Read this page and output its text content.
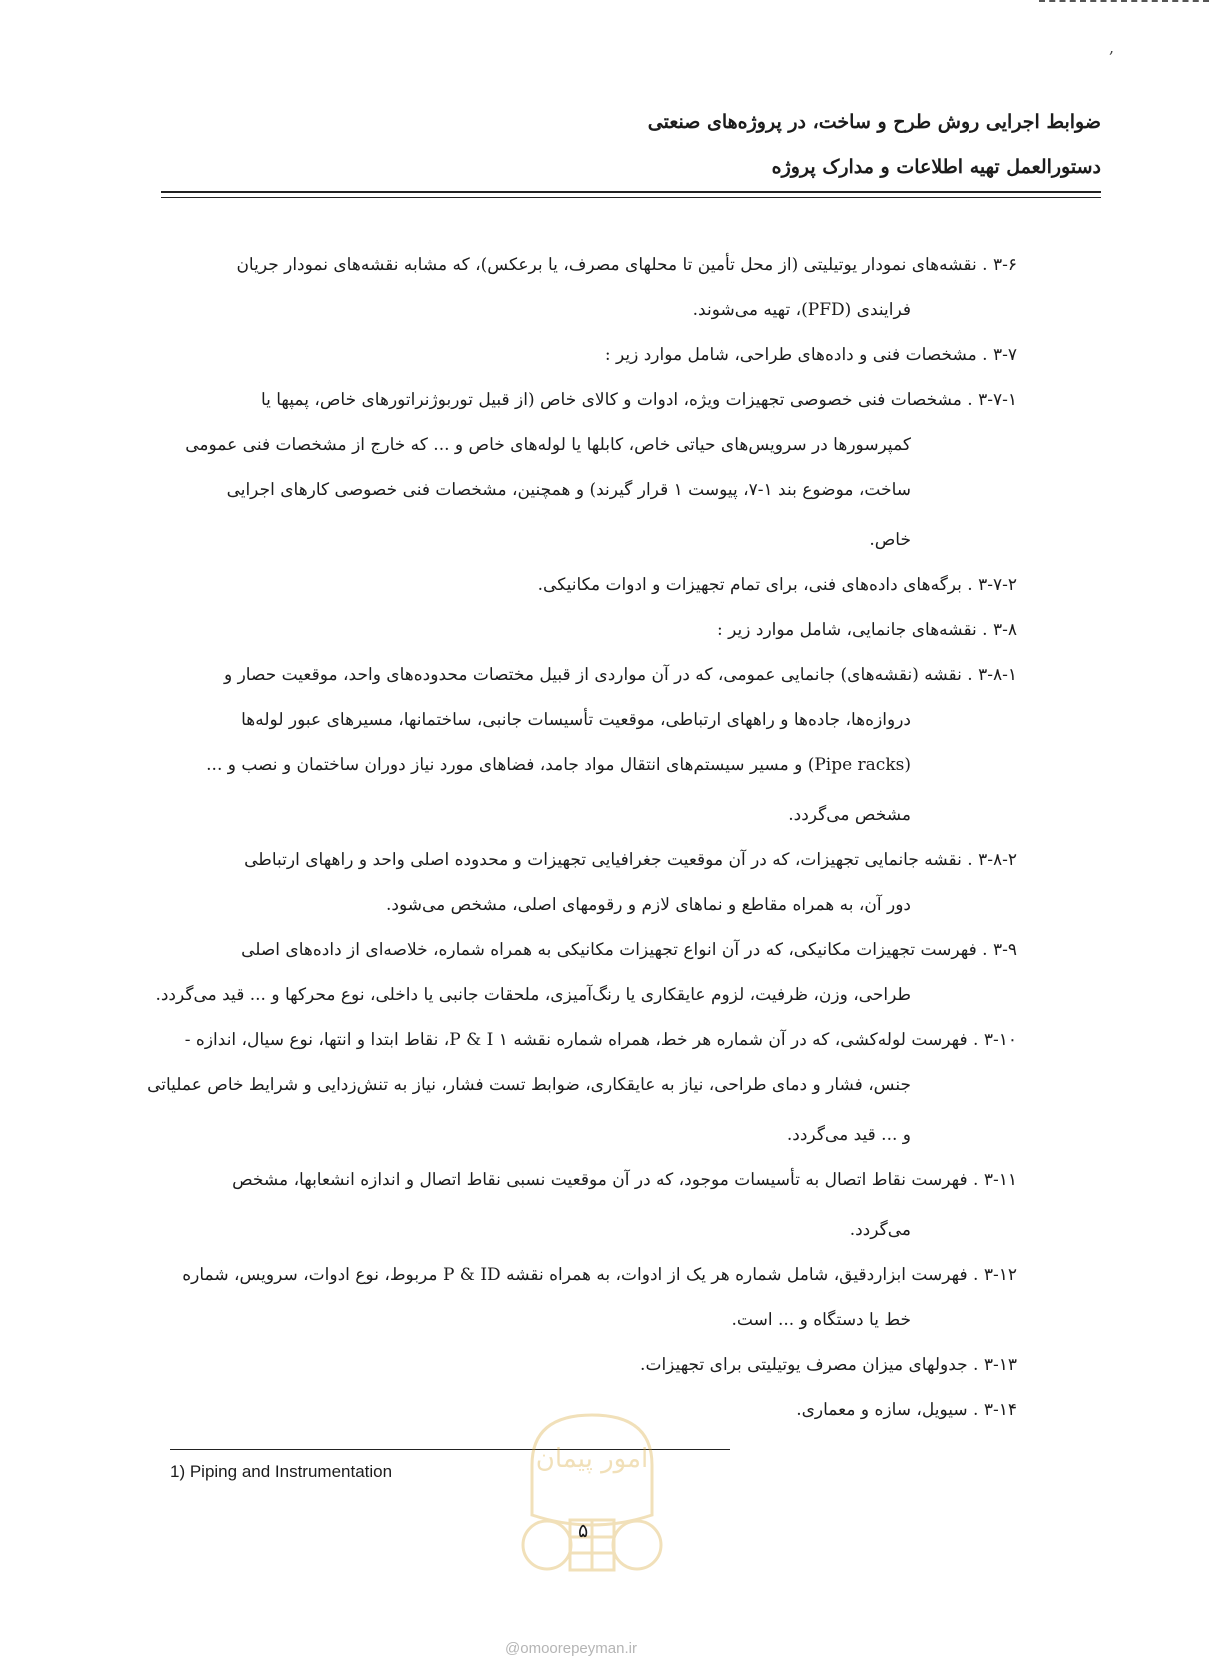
‚
ضوابط اجرایی روش طرح و ساخت، در پروژه‌های صنعتی
دستورالعمل تهیه اطلاعات و مدارک پروژه
۳-۶ . نقشه‌های نمودار یوتیلیتی (از محل تأمین تا محلهای مصرف، یا برعکس)، که مشابه نقشه‌های نمودار جریان
فرایندی (PFD)، تهیه می‌شوند.
۳-۷ . مشخصات فنی و داده‌های طراحی، شامل موارد زیر :
۳-۷-۱ . مشخصات فنی خصوصی تجهیزات ویژه، ادوات و کالای خاص (از قبیل توربوژنراتورهای خاص، پمپها یا
کمپرسورها در سرویس‌های حیاتی خاص، کابلها یا لوله‌های خاص و ... که خارج از مشخصات فنی عمومی
ساخت، موضوع بند ۱-۷، پیوست ۱ قرار گیرند) و همچنین، مشخصات فنی خصوصی کارهای اجرایی
خاص.
۳-۷-۲ . برگه‌های داده‌های فنی، برای تمام تجهیزات و ادوات مکانیکی.
۳-۸ . نقشه‌های جانمایی، شامل موارد زیر :
۳-۸-۱ . نقشه (نقشه‌های) جانمایی عمومی، که در آن مواردی از قبیل مختصات محدوده‌های واحد، موقعیت حصار و
دروازه‌ها، جاده‌ها و راههای ارتباطی، موقعیت تأسیسات جانبی، ساختمانها، مسیرهای عبور لوله‌ها
(Pipe racks) و مسیر سیستم‌های انتقال مواد جامد، فضاهای مورد نیاز دوران ساختمان و نصب و ...
مشخص می‌گردد.
۳-۸-۲ . نقشه جانمایی تجهیزات، که در آن موقعیت جغرافیایی تجهیزات و محدوده اصلی واحد و راههای ارتباطی
دور آن، به همراه مقاطع و نماهای لازم و رقومهای اصلی، مشخص می‌شود.
۳-۹ . فهرست تجهیزات مکانیکی، که در آن انواع تجهیزات مکانیکی به همراه شماره، خلاصه‌ای از داده‌های اصلی
طراحی، وزن، ظرفیت، لزوم عایقکاری یا رنگ‌آمیزی، ملحقات جانبی یا داخلی، نوع محرکها و ... قید می‌گردد.
۳-۱۰ . فهرست لوله‌کشی، که در آن شماره هر خط، همراه شماره نقشه P & I ۱، نقاط ابتدا و انتها، نوع سیال، اندازه -
جنس، فشار و دمای طراحی، نیاز به عایقکاری، ضوابط تست فشار، نیاز به تنش‌زدایی و شرایط خاص عملیاتی
و ... قید می‌گردد.
۳-۱۱ . فهرست نقاط اتصال به تأسیسات موجود، که در آن موقعیت نسبی نقاط اتصال و اندازه انشعابها، مشخص
می‌گردد.
۳-۱۲ . فهرست ابزاردقیق، شامل شماره هر یک از ادوات، به همراه نقشه P & ID مربوط، نوع ادوات، سرویس، شماره
خط یا دستگاه و ... است.
۳-۱۳ . جدولهای میزان مصرف یوتیلیتی برای تجهیزات.
۳-۱۴ . سیویل، سازه و معماری.
1) Piping and Instrumentation	امور پیمان
۵
@omoorepeyman.ir
